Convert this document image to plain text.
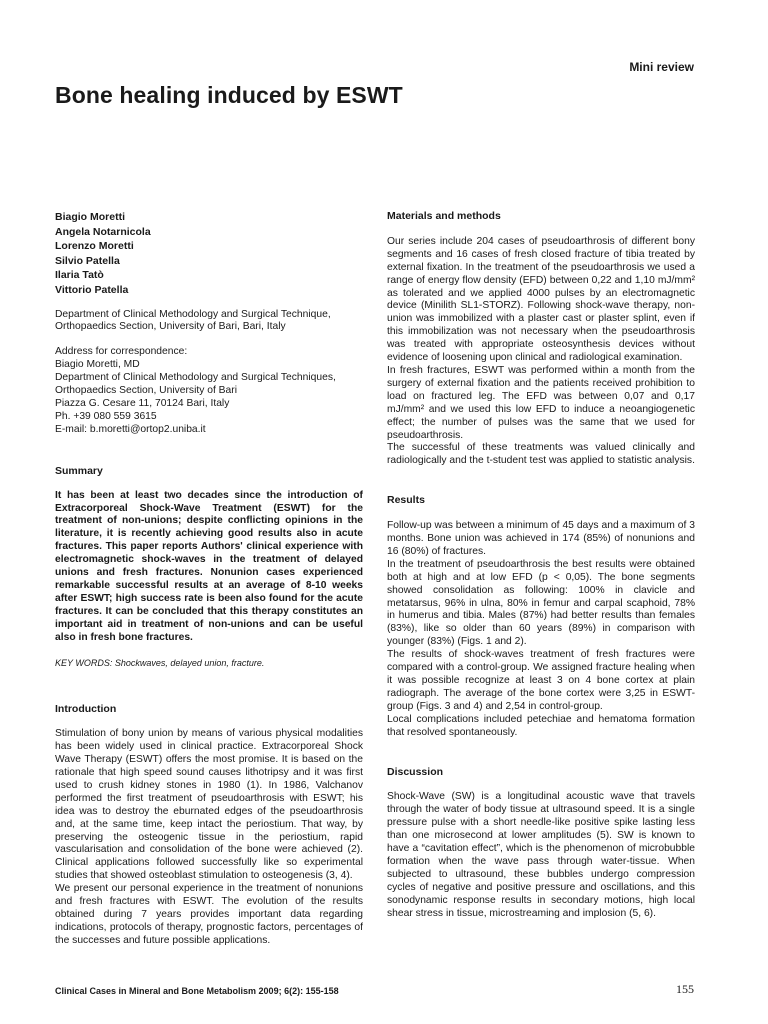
Mini review
Bone healing induced by ESWT
Biagio Moretti
Angela Notarnicola
Lorenzo Moretti
Silvio Patella
Ilaria Tatò
Vittorio Patella

Department of Clinical Methodology and Surgical Technique, Orthopaedics Section, University of Bari, Bari, Italy

Address for correspondence:
Biagio Moretti, MD
Department of Clinical Methodology and Surgical Techniques,
Orthopaedics Section, University of Bari
Piazza G. Cesare 11, 70124 Bari, Italy
Ph. +39 080 559 3615
E-mail: b.moretti@ortop2.uniba.it

Summary

It has been at least two decades since the introduction of Extracorporeal Shock-Wave Treatment (ESWT) for the treatment of non-unions; despite conflicting opinions in the literature, it is recently achieving good results also in acute fractures. This paper reports Authors' clinical experience with electromagnetic shock-waves in the treatment of delayed unions and fresh fractures. Nonunion cases experienced remarkable successful results at an average of 8-10 weeks after ESWT; high success rate is been also found for the acute fractures. It can be concluded that this therapy constitutes an important aid in treatment of non-unions and can be useful also in fresh bone fractures.

KEY WORDS: Shockwaves, delayed union, fracture.

Introduction

Stimulation of bony union by means of various physical modalities has been widely used in clinical practice. Extracorporeal Shock Wave Therapy (ESWT) offers the most promise. It is based on the rationale that high speed sound causes lithotripsy and it was first used to crush kidney stones in 1980 (1). In 1986, Valchanov performed the first treatment of pseudoarthrosis with ESWT; his idea was to destroy the eburnated edges of the pseudoarthrosis and, at the same time, keep intact the periostium. That way, by preserving the osteogenic tissue in the periostium, rapid vascularisation and consolidation of the bone were achieved (2). Clinical applications followed successfully like so experimental studies that showed osteoblast stimulation to osteogenesis (3, 4).

We present our personal experience in the treatment of nonunions and fresh fractures with ESWT. The evolution of the results obtained during 7 years provides important data regarding indications, protocols of therapy, prognostic factors, percentages of the successes and future possible applications.

Materials and methods

Our series include 204 cases of pseudoarthrosis of different bony segments and 16 cases of fresh closed fracture of tibia treated by external fixation. In the treatment of the pseudoarthrosis we used a range of energy flow density (EFD) between 0,22 and 1,10 mJ/mm² as tolerated and we applied 4000 pulses by an electromagnetic device (Minilith SL1-STORZ). Following shock-wave therapy, non-union was immobilized with a plaster cast or plaster splint, even if this immobilization was not necessary when the pseudoarthrosis was treated with appropriate osteosynthesis devices without evidence of loosening upon clinical and radiological examination.

In fresh fractures, ESWT was performed within a month from the surgery of external fixation and the patients received prohibition to load on fractured leg. The EFD was between 0,07 and 0,17 mJ/mm² and we used this low EFD to induce a neoangiogenetic effect; the number of pulses was the same that we used for pseudoarthrosis.

The successful of these treatments was valued clinically and radiologically and the t-student test was applied to statistic analysis.

Results

Follow-up was between a minimum of 45 days and a maximum of 3 months. Bone union was achieved in 174 (85%) of nonunions and 16 (80%) of fractures.

In the treatment of pseudoarthrosis the best results were obtained both at high and at low EFD (p < 0,05). The bone segments showed consolidation as following: 100% in clavicle and metatarsus, 96% in ulna, 80% in femur and carpal scaphoid, 78% in humerus and tibia. Males (87%) had better results than females (83%), like so older than 60 years (89%) in comparison with younger (83%) (Figs. 1 and 2).

The results of shock-waves treatment of fresh fractures were compared with a control-group. We assigned fracture healing when it was possible recognize at least 3 on 4 bone cortex at plain radiograph. The average of the bone cortex were 3,25 in ESWT-group (Figs. 3 and 4) and 2,54 in control-group.

Local complications included petechiae and hematoma formation that resolved spontaneously.

Discussion

Shock-Wave (SW) is a longitudinal acoustic wave that travels through the water of body tissue at ultrasound speed. It is a single pressure pulse with a short needle-like positive spike lasting less than one microsecond at lower amplitudes (5). SW is known to have a “cavitation effect”, which is the phenomenon of microbubble formation when the wave pass through water-tissue. When subjected to ultrasound, these bubbles undergo compression cycles of negative and positive pressure and oscillations, and this sonodynamic response results in secondary motions, high local shear stress in tissue, microstreaming and implosion (5, 6).

Clinical Cases in Mineral and Bone Metabolism 2009; 6(2): 155-158	155
